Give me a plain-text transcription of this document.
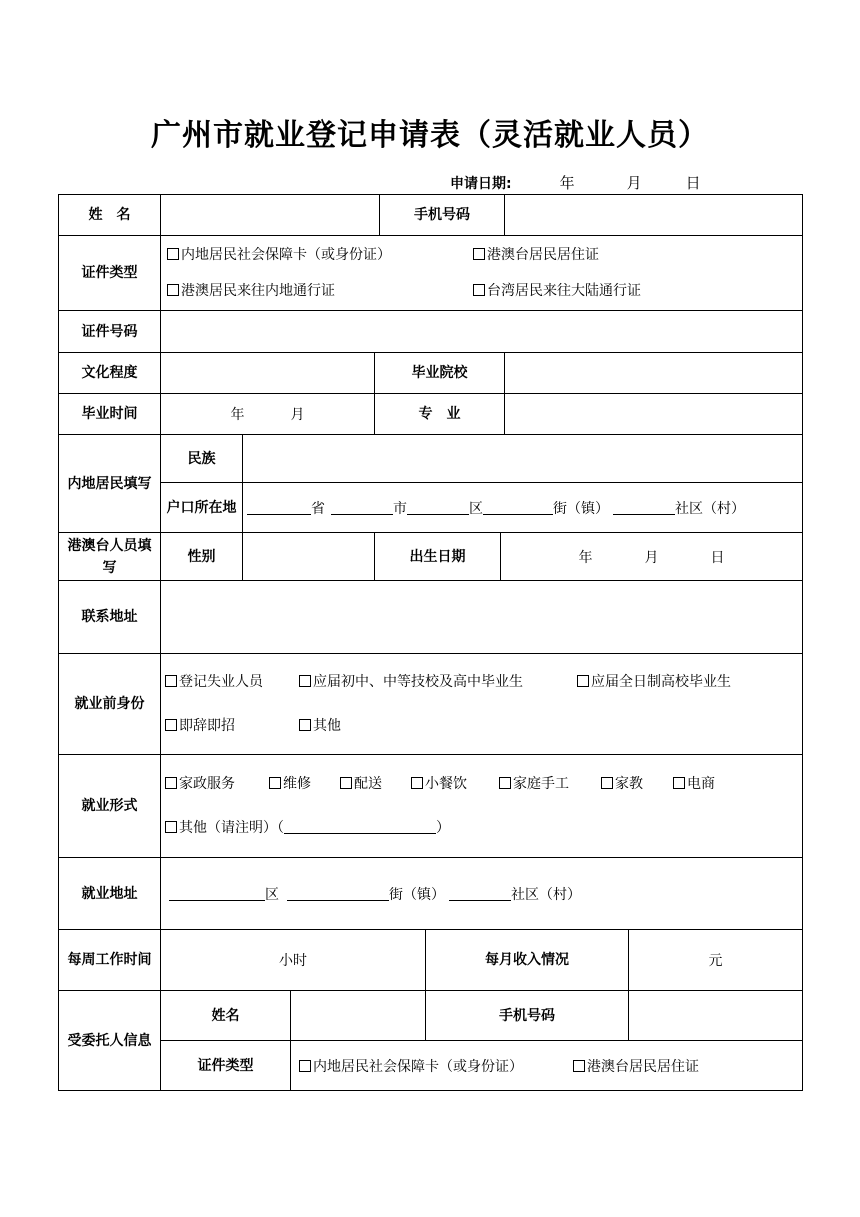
广州市就业登记申请表（灵活就业人员）
申请日期:	年	月	日
姓　名					手机号码				
证件类型	内地居民社会保障卡（或身份证） 港澳台居民居住证
港澳居民来往内地通行证 台湾居民来往大陆通行证								

证件号码									
文化程度				毕业院校					
毕业时间	年 月			专　业					
内地居民填写	民族								
	户口所在地	省 市 区 街（镇） 社区（村）							
港澳台人员填写	性别			出生日期			年 月 日		
联系地址									
就业前身份	登记失业人员 应届初中、中等技校及高中毕业生 应届全日制高校毕业生
即辞即招 其他								

就业形式	家政服务 维修 配送 小餐饮 家庭手工 家教 电商
其他（请注明）（ ）								

就业地址	区 街（镇） 社区（村）								
每周工作时间	小时					每月收入情况			元
受委托人信息	姓名					手机号码			
	证件类型		内地居民社会保障卡（或身份证） 港澳台居民居住证						
